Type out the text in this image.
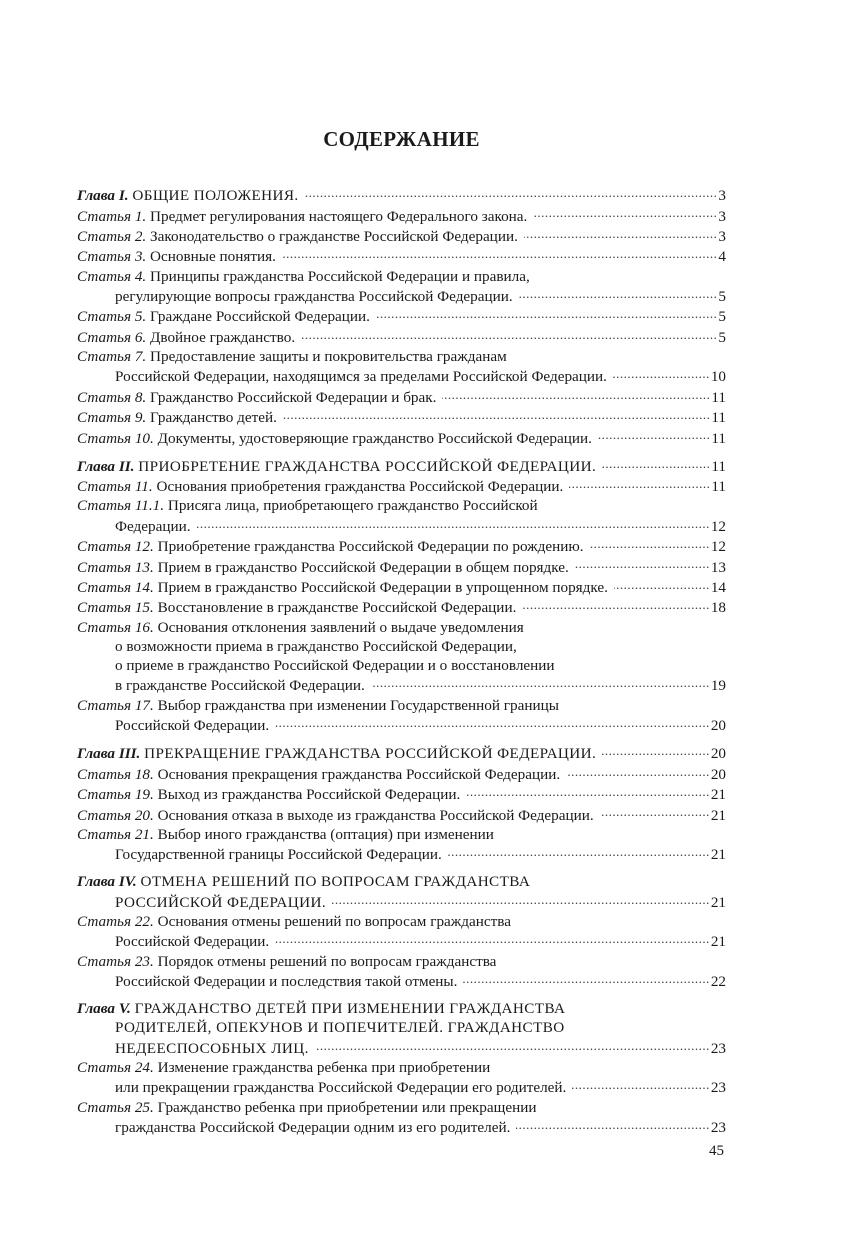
СОДЕРЖАНИЕ
Глава I.
ОБЩИЕ ПОЛОЖЕНИЯ. .....	3
Статья 1.
Предмет регулирования настоящего Федерального закона. .....	3
Статья 2.
Законодательство о гражданстве Российской Федерации. .....	3
Статья 3.
Основные понятия. .....	4
Статья 4.
Принципы гражданства Российской Федерации и правила,
регулирующие вопросы гражданства Российской Федерации. .....	5
Статья 5.
Граждане Российской Федерации. .....	5
Статья 6.
Двойное гражданство. .....	5
Статья 7.
Предоставление защиты и покровительства гражданам
Российской Федерации, находящимся за пределами Российской Федерации. .....	10
Статья 8.
Гражданство Российской Федерации и брак. .....	11
Статья 9.
Гражданство детей. .....	11
Статья 10.
Документы, удостоверяющие гражданство Российской Федерации. .....	11
Глава II.
ПРИОБРЕТЕНИЕ ГРАЖДАНСТВА РОССИЙСКОЙ ФЕДЕРАЦИИ. .....	11
Статья 11.
Основания приобретения гражданства Российской Федерации. .....	11
Статья 11.1.
Присяга лица, приобретающего гражданство Российской
Федерации. .....	12
Статья 12.
Приобретение гражданства Российской Федерации по рождению. .....	12
Статья 13.
Прием в гражданство Российской Федерации в общем порядке. .....	13
Статья 14.
Прием в гражданство Российской Федерации в упрощенном порядке. .....	14
Статья 15.
Восстановление в гражданстве Российской Федерации. .....	18
Статья 16.
Основания отклонения заявлений о выдаче уведомления
о возможности приема в гражданство Российской Федерации,
о приеме в гражданство Российской Федерации и о восстановлении
в гражданстве Российской Федерации. .....	19
Статья 17.
Выбор гражданства при изменении Государственной границы
Российской Федерации. .....	20
Глава III.
ПРЕКРАЩЕНИЕ ГРАЖДАНСТВА РОССИЙСКОЙ ФЕДЕРАЦИИ. .....	20
Статья 18.
Основания прекращения гражданства Российской Федерации. .....	20
Статья 19.
Выход из гражданства Российской Федерации. .....	21
Статья 20.
Основания отказа в выходе из гражданства Российской Федерации. .....	21
Статья 21.
Выбор иного гражданства (оптация) при изменении
Государственной границы Российской Федерации. .....	21
Глава IV.
ОТМЕНА РЕШЕНИЙ ПО ВОПРОСАМ ГРАЖДАНСТВА
РОССИЙСКОЙ ФЕДЕРАЦИИ. .....	21
Статья 22.
Основания отмены решений по вопросам гражданства
Российской Федерации. .....	21
Статья 23.
Порядок отмены решений по вопросам гражданства
Российской Федерации и последствия такой отмены. .....	22
Глава V.
ГРАЖДАНСТВО ДЕТЕЙ ПРИ ИЗМЕНЕНИИ ГРАЖДАНСТВА
РОДИТЕЛЕЙ, ОПЕКУНОВ И ПОПЕЧИТЕЛЕЙ. ГРАЖДАНСТВО
НЕДЕЕСПОСОБНЫХ ЛИЦ. .....	23
Статья 24.
Изменение гражданства ребенка при приобретении
или прекращении гражданства Российской Федерации его родителей. .....	23
Статья 25.
Гражданство ребенка при приобретении или прекращении
гражданства Российской Федерации одним из его родителей. .....	23
45
